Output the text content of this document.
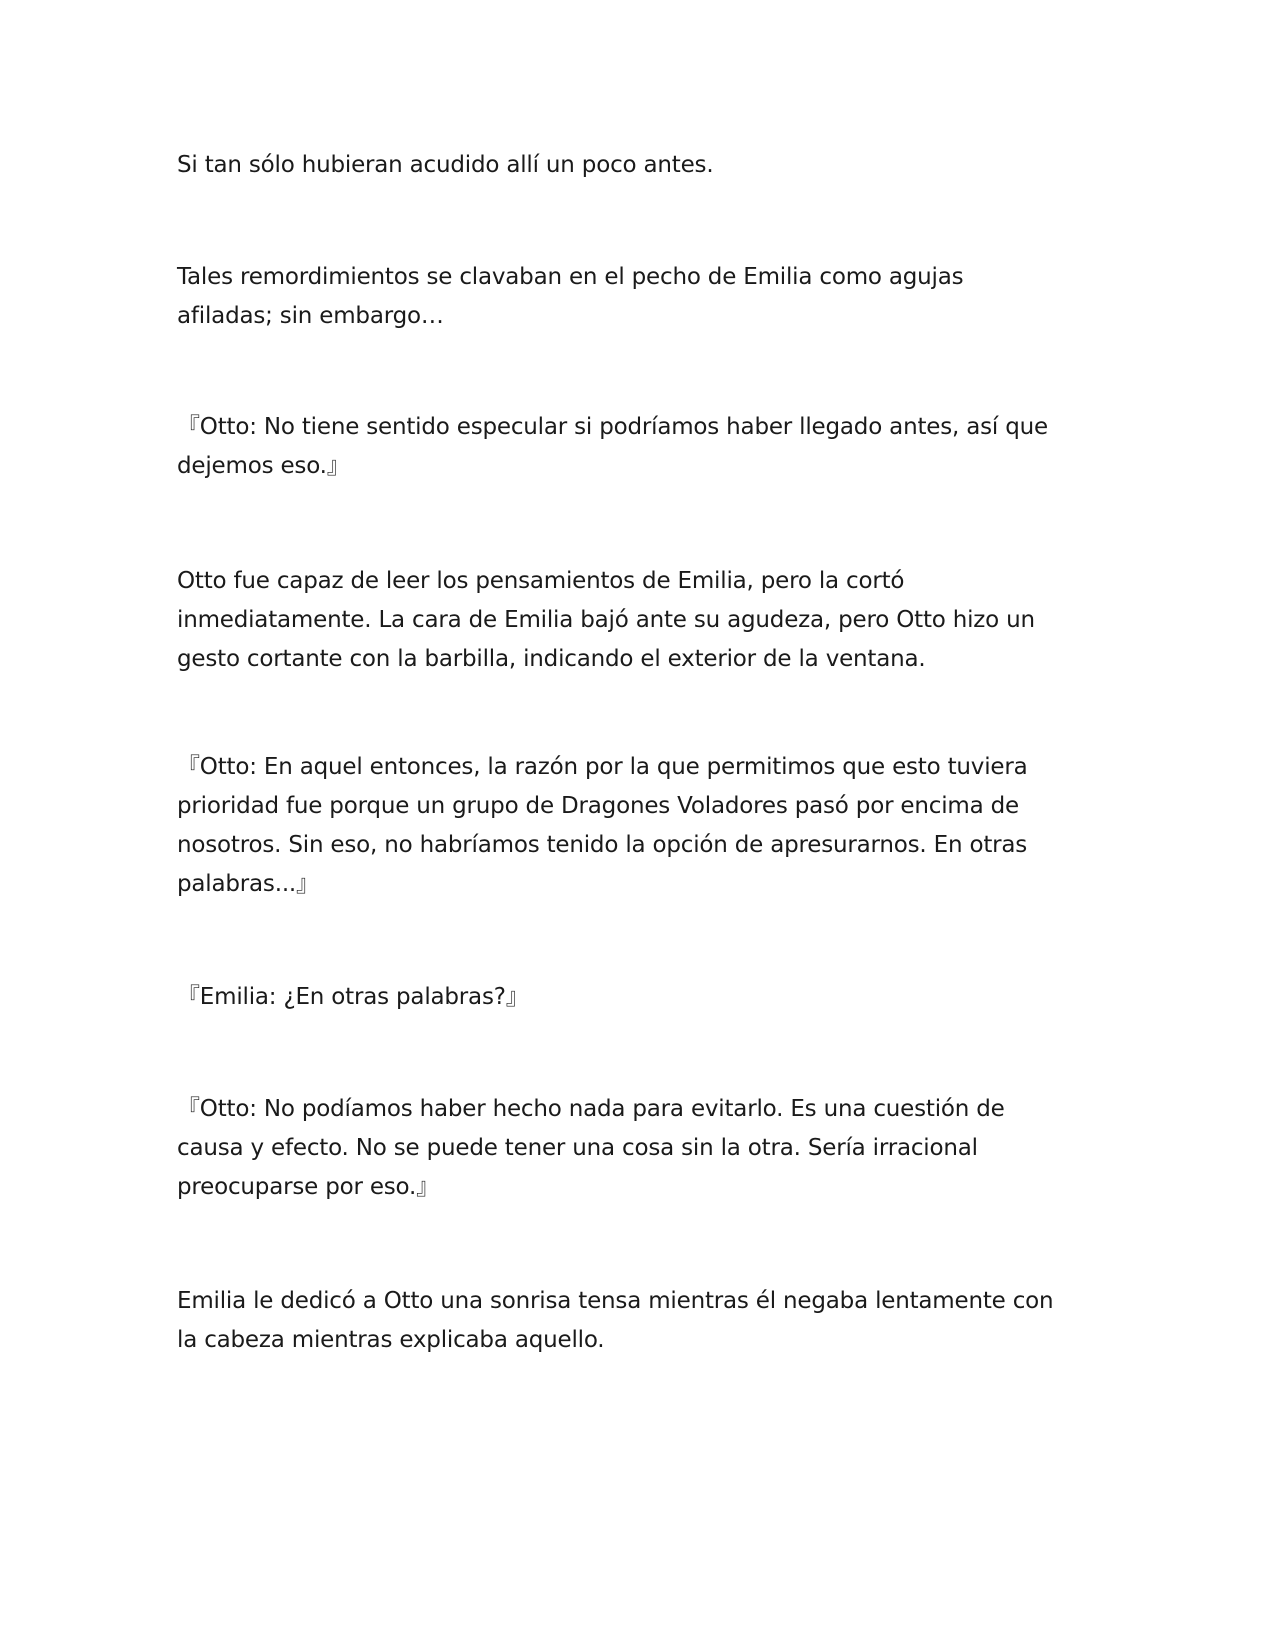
Si tan sólo hubieran acudido allí un poco antes.

Tales remordimientos se clavaban en el pecho de Emilia como agujas
afiladas; sin embargo…

『Otto: No tiene sentido especular si podríamos haber llegado antes, así que
dejemos eso.』

Otto fue capaz de leer los pensamientos de Emilia, pero la cortó
inmediatamente. La cara de Emilia bajó ante su agudeza, pero Otto hizo un
gesto cortante con la barbilla, indicando el exterior de la ventana.

『Otto: En aquel entonces, la razón por la que permitimos que esto tuviera
prioridad fue porque un grupo de Dragones Voladores pasó por encima de
nosotros. Sin eso, no habríamos tenido la opción de apresurarnos. En otras
palabras...』

『Emilia: ¿En otras palabras?』

『Otto: No podíamos haber hecho nada para evitarlo. Es una cuestión de
causa y efecto. No se puede tener una cosa sin la otra. Sería irracional
preocuparse por eso.』

Emilia le dedicó a Otto una sonrisa tensa mientras él negaba lentamente con
la cabeza mientras explicaba aquello.
